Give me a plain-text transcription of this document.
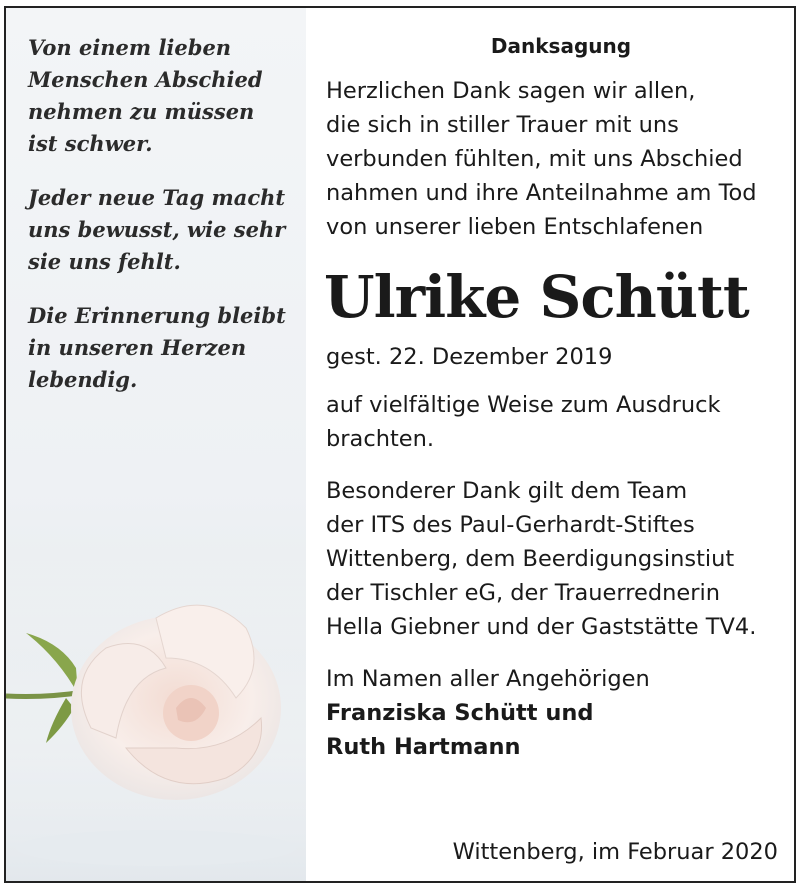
Von einem lieben
Menschen Abschied
nehmen zu müssen
ist schwer.

Jeder neue Tag macht
uns bewusst, wie sehr
sie uns fehlt.

Die Erinnerung bleibt
in unseren Herzen
lebendig.

Danksagung

Herzlichen Dank sagen wir allen,
die sich in stiller Trauer mit uns
verbunden fühlten, mit uns Abschied
nahmen und ihre Anteilnahme am Tod
von unserer lieben Entschlafenen

Ulrike Schütt

gest. 22. Dezember 2019

auf vielfältige Weise zum Ausdruck
brachten.

Besonderer Dank gilt dem Team
der ITS des Paul-Gerhardt-Stiftes
Wittenberg, dem Beerdigungsinstiut
der Tischler eG, der Trauerrednerin
Hella Giebner und der Gaststätte TV4.

Im Namen aller Angehörigen

Franziska Schütt und

Ruth Hartmann

Wittenberg, im Februar 2020
